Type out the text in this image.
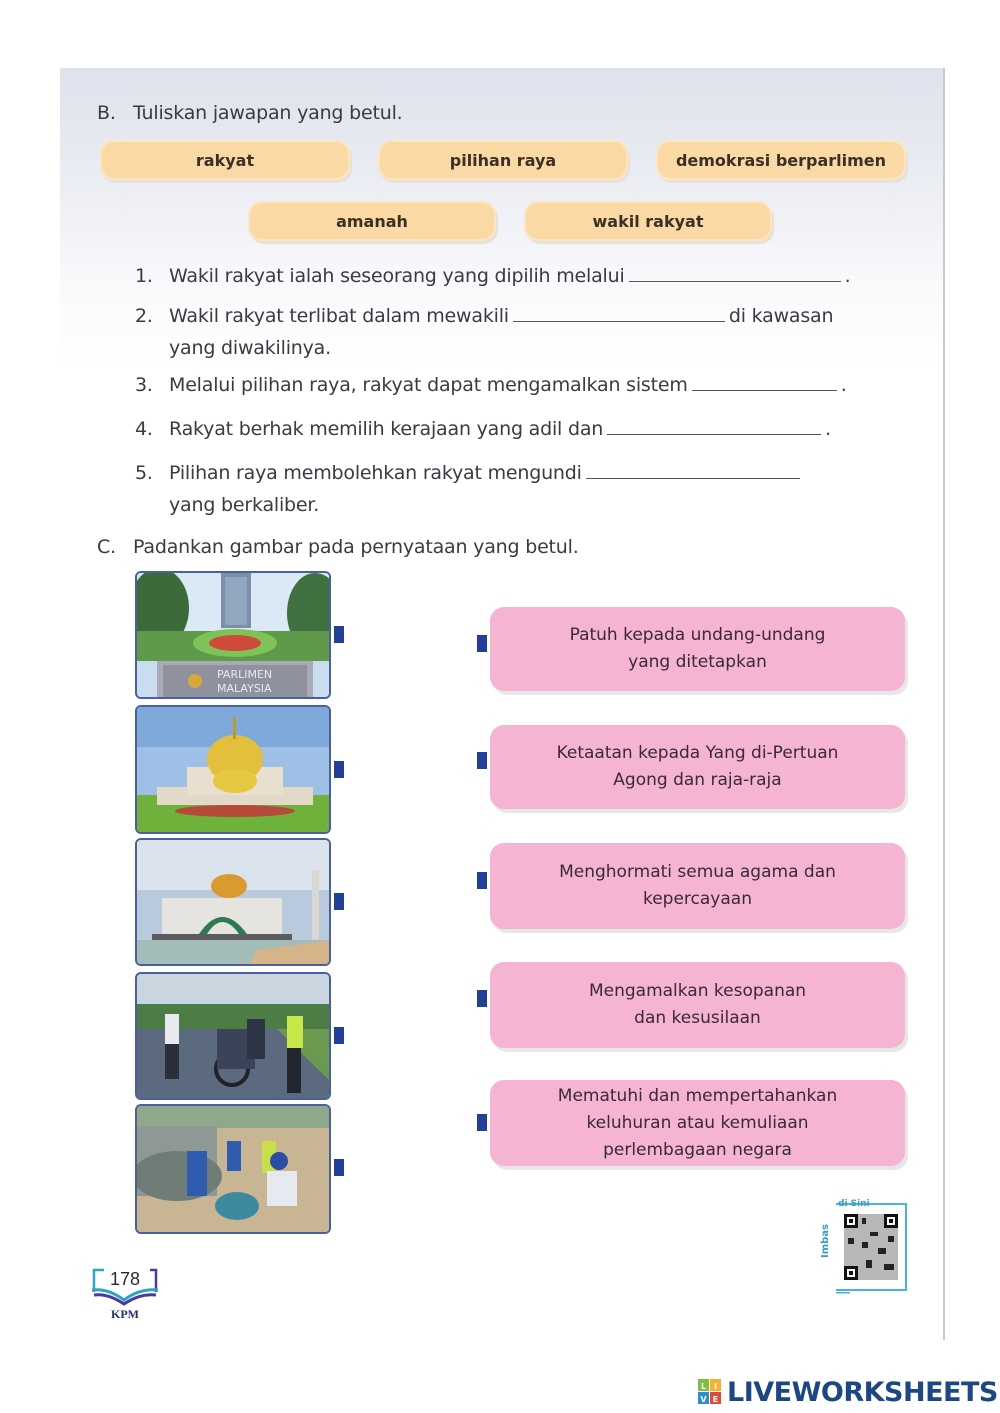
B. Tuliskan jawapan yang betul.
rakyat	pilihan raya	demokrasi berparlimen
amanah	wakil rakyat
1. Wakil rakyat ialah seseorang yang dipilih melalui	.
2. Wakil rakyat terlibat dalam mewakili	di kawasan
yang diwakilinya.
3. Melalui pilihan raya, rakyat dapat mengamalkan sistem	.
4. Rakyat berhak memilih kerajaan yang adil dan	.
5. Pilihan raya membolehkan rakyat mengundi
yang berkaliber.
C. Padankan gambar pada pernyataan yang betul.
PARLIMEN
MALAYSIA
Patuh kepada undang-undang
yang ditetapkan
Ketaatan kepada Yang di-Pertuan
Agong dan raja-raja
Menghormati semua agama dan
kepercayaan
Mengamalkan kesopanan
dan kesusilaan
Mematuhi dan mempertahankan
keluhuran atau kemuliaan
perlembagaan negara
Imbas
di Sini
178
KPM
L I
V E LIVEWORKSHEETS
